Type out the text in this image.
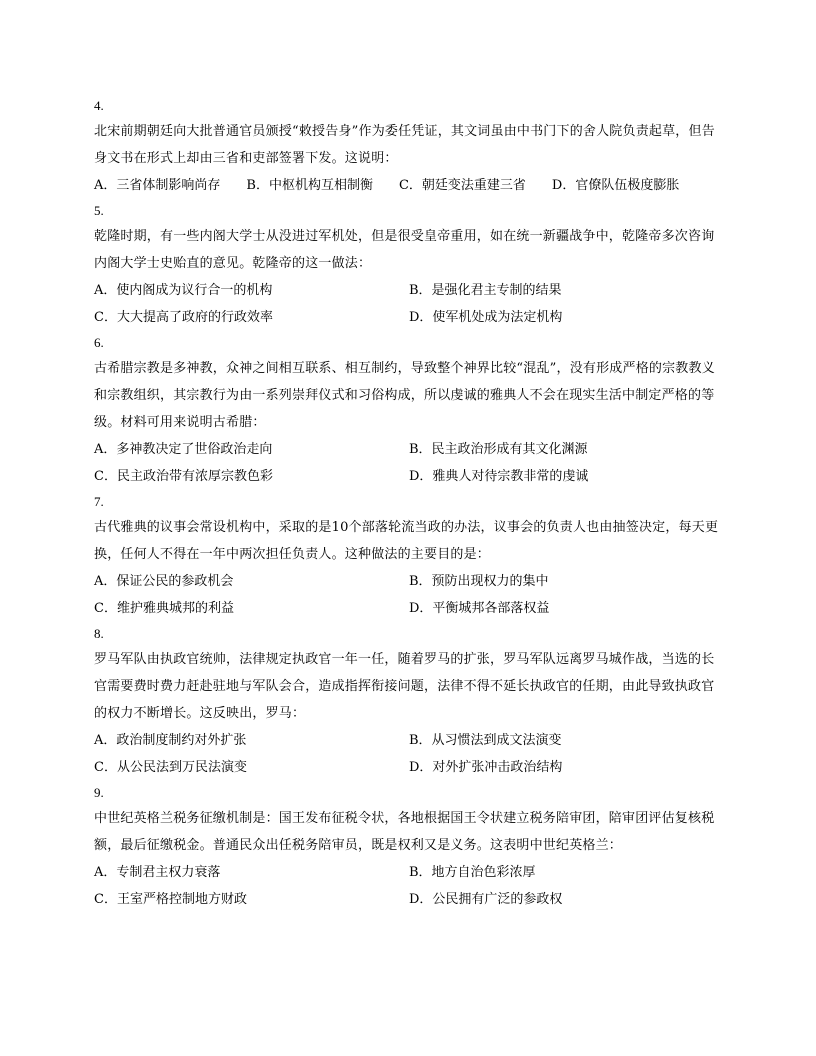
4.
北宋前期朝廷向大批普通官员颁授“敕授告身”作为委任凭证，其文词虽由中书门下的舍人院负责起草，但告身文书在形式上却由三省和吏部签署下发。这说明：
A．三省体制影响尚存 B．中枢机构互相制衡 C．朝廷变法重建三省 D．官僚队伍极度膨胀
5.
乾隆时期，有一些内阁大学士从没进过军机处，但是很受皇帝重用，如在统一新疆战争中，乾隆帝多次咨询内阁大学士史贻直的意见。乾隆帝的这一做法：
A．使内阁成为议行合一的机构	B．是强化君主专制的结果
C．大大提高了政府的行政效率	D．使军机处成为法定机构
6.
古希腊宗教是多神教，众神之间相互联系、相互制约，导致整个神界比较“混乱”，没有形成严格的宗教教义和宗教组织，其宗教行为由一系列崇拜仪式和习俗构成，所以虔诚的雅典人不会在现实生活中制定严格的等级。材料可用来说明古希腊：
A．多神教决定了世俗政治走向	B．民主政治形成有其文化渊源
C．民主政治带有浓厚宗教色彩	D．雅典人对待宗教非常的虔诚
7.
古代雅典的议事会常设机构中，采取的是10个部落轮流当政的办法，议事会的负责人也由抽签决定，每天更换，任何人不得在一年中两次担任负责人。这种做法的主要目的是：
A．保证公民的参政机会	B．预防出现权力的集中
C．维护雅典城邦的利益	D．平衡城邦各部落权益
8.
罗马军队由执政官统帅，法律规定执政官一年一任，随着罗马的扩张，罗马军队远离罗马城作战，当选的长官需要费时费力赶赴驻地与军队会合，造成指挥衔接问题，法律不得不延长执政官的任期，由此导致执政官的权力不断增长。这反映出，罗马：
A．政治制度制约对外扩张	B．从习惯法到成文法演变
C．从公民法到万民法演变	D．对外扩张冲击政治结构
9.
中世纪英格兰税务征缴机制是：国王发布征税令状，各地根据国王令状建立税务陪审团，陪审团评估复核税额，最后征缴税金。普通民众出任税务陪审员，既是权利又是义务。这表明中世纪英格兰：
A．专制君主权力衰落	B．地方自治色彩浓厚
C．王室严格控制地方财政	D．公民拥有广泛的参政权
